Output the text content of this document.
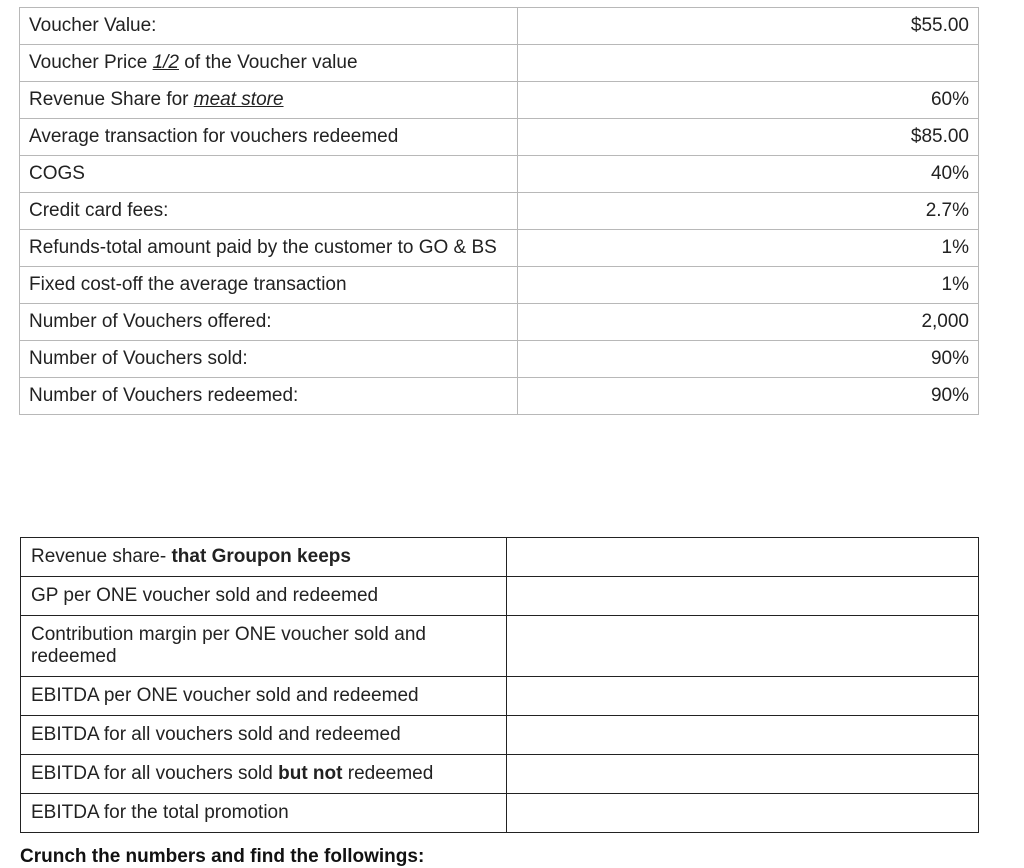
Voucher Value:	$55.00
Voucher Price 1/2 of the Voucher value	
Revenue Share for meat store	60%
Average transaction for vouchers redeemed	$85.00
COGS	40%
Credit card fees:	2.7%
Refunds-total amount paid by the customer to GO & BS	1%
Fixed cost-off the average transaction	1%
Number of Vouchers offered:	2,000
Number of Vouchers sold:	90%
Number of Vouchers redeemed:	90%
Revenue share- that Groupon keeps	
GP per ONE voucher sold and redeemed	
Contribution margin per ONE voucher sold and redeemed	
EBITDA per ONE voucher sold and redeemed	
EBITDA for all vouchers sold and redeemed	
EBITDA for all vouchers sold but not redeemed	
EBITDA for the total promotion	
Crunch the numbers and find the followings:
